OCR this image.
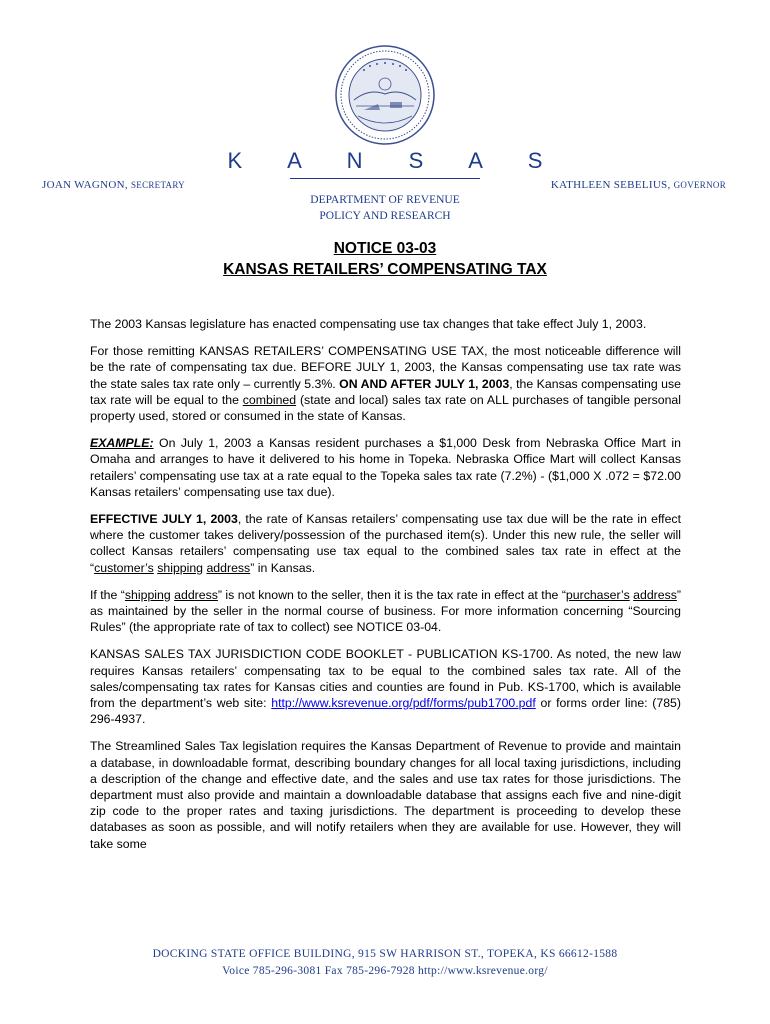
K A N S A S
JOAN WAGNON, SECRETARY	KATHLEEN SEBELIUS, GOVERNOR
DEPARTMENT OF REVENUE
POLICY AND RESEARCH
NOTICE 03-03
KANSAS RETAILERS’ COMPENSATING TAX

The 2003 Kansas legislature has enacted compensating use tax changes that take effect July 1, 2003.

For those remitting KANSAS RETAILERS’ COMPENSATING USE TAX, the most noticeable difference will be the rate of compensating tax due. BEFORE JULY 1, 2003, the Kansas compensating use tax rate was the state sales tax rate only – currently 5.3%. ON AND AFTER JULY 1, 2003, the Kansas compensating use tax rate will be equal to the combined (state and local) sales tax rate on ALL purchases of tangible personal property used, stored or consumed in the state of Kansas.

EXAMPLE: On July 1, 2003 a Kansas resident purchases a $1,000 Desk from Nebraska Office Mart in Omaha and arranges to have it delivered to his home in Topeka. Nebraska Office Mart will collect Kansas retailers’ compensating use tax at a rate equal to the Topeka sales tax rate (7.2%) - ($1,000 X .072 = $72.00 Kansas retailers’ compensating use tax due).

EFFECTIVE JULY 1, 2003, the rate of Kansas retailers’ compensating use tax due will be the rate in effect where the customer takes delivery/possession of the purchased item(s). Under this new rule, the seller will collect Kansas retailers’ compensating use tax equal to the combined sales tax rate in effect at the “customer’s shipping address” in Kansas.

If the “shipping address” is not known to the seller, then it is the tax rate in effect at the “purchaser’s address” as maintained by the seller in the normal course of business. For more information concerning “Sourcing Rules” (the appropriate rate of tax to collect) see NOTICE 03-04.

KANSAS SALES TAX JURISDICTION CODE BOOKLET - PUBLICATION KS-1700. As noted, the new law requires Kansas retailers’ compensating tax to be equal to the combined sales tax rate. All of the sales/compensating tax rates for Kansas cities and counties are found in Pub. KS-1700, which is available from the department’s web site: http://www.ksrevenue.org/pdf/forms/pub1700.pdf or forms order line: (785) 296-4937.

The Streamlined Sales Tax legislation requires the Kansas Department of Revenue to provide and maintain a database, in downloadable format, describing boundary changes for all local taxing jurisdictions, including a description of the change and effective date, and the sales and use tax rates for those jurisdictions. The department must also provide and maintain a downloadable database that assigns each five and nine-digit zip code to the proper rates and taxing jurisdictions. The department is proceeding to develop these databases as soon as possible, and will notify retailers when they are available for use. However, they will take some

DOCKING STATE OFFICE BUILDING, 915 SW HARRISON ST., TOPEKA, KS 66612-1588
Voice 785-296-3081 Fax 785-296-7928 http://www.ksrevenue.org/
